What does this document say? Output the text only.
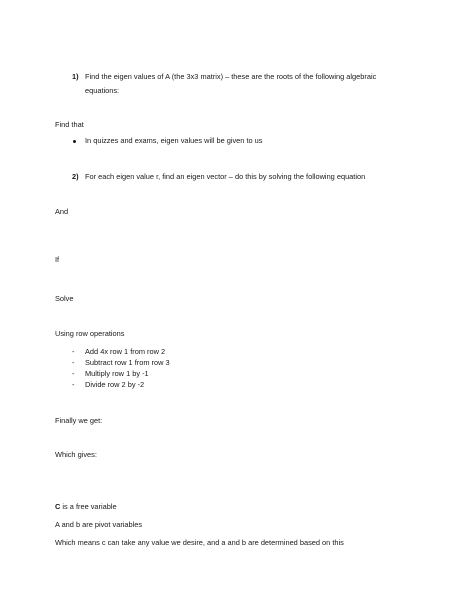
1) Find the eigen values of A (the 3x3 matrix) – these are the roots of the following algebraic
equations:
Find that
In quizzes and exams, eigen values will be given to us
2) For each eigen value r, find an eigen vector – do this by solving the following equation
And
If
Solve
Using row operations
- Add 4x row 1 from row 2
- Subtract row 1 from row 3
- Multiply row 1 by -1
- Divide row 2 by -2
Finally we get:
Which gives:
C is a free variable
A and b are pivot variables
Which means c can take any value we desire, and a and b are determined based on this
